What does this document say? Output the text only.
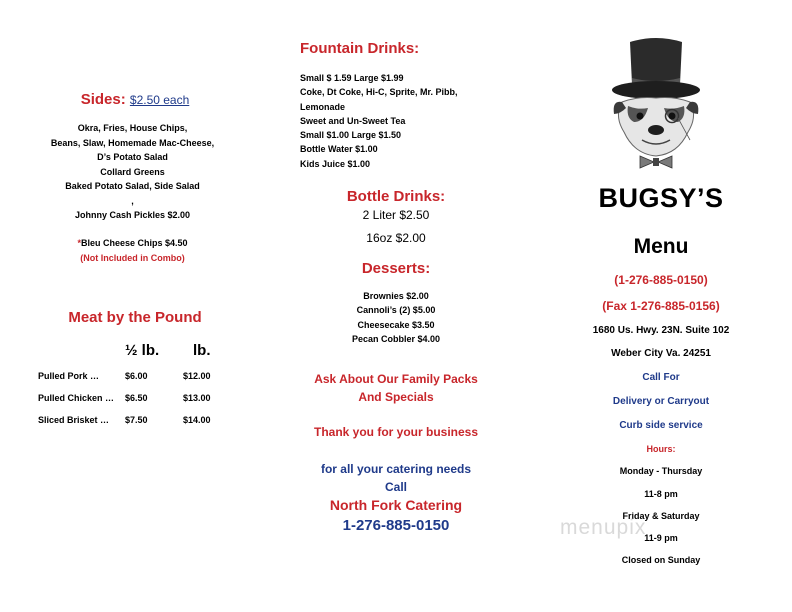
Sides: $2.50 each
Okra, Fries, House Chips,
Beans, Slaw, Homemade Mac-Cheese,
D’s Potato Salad
Collard Greens
Baked Potato Salad, Side Salad
,
Johnny Cash Pickles $2.00
*Bleu Cheese Chips $4.50
(Not Included in Combo)
Meat by the Pound
½ lb. lb.
Pulled Pork …	$6.00	$12.00
Pulled Chicken … $6.50	$13.00
Sliced Brisket … $7.50	$14.00
Fountain Drinks:
Small $ 1.59 Large $1.99
Coke, Dt Coke, Hi-C, Sprite, Mr. Pibb,
Lemonade
Sweet and Un-Sweet Tea
Small $1.00 Large $1.50
Bottle Water $1.00
Kids Juice $1.00
Bottle Drinks:
2 Liter $2.50
16oz $2.00
Desserts:
Brownies $2.00
Cannoli’s (2) $5.00
Cheesecake $3.50
Pecan Cobbler $4.00
Ask About Our Family Packs
And Specials
Thank you for your business
for all your catering needs
Call
North Fork Catering
1-276-885-0150
BUGSY’S
Menu
(1-276-885-0150)
(Fax 1-276-885-0156)
1680 Us. Hwy. 23N. Suite 102
Weber City Va. 24251
Call For
Delivery or Carryout
Curb side service
Hours:
Monday - Thursday
11-8 pm
Friday & Saturday
11-9 pm
Closed on Sunday
menupix
